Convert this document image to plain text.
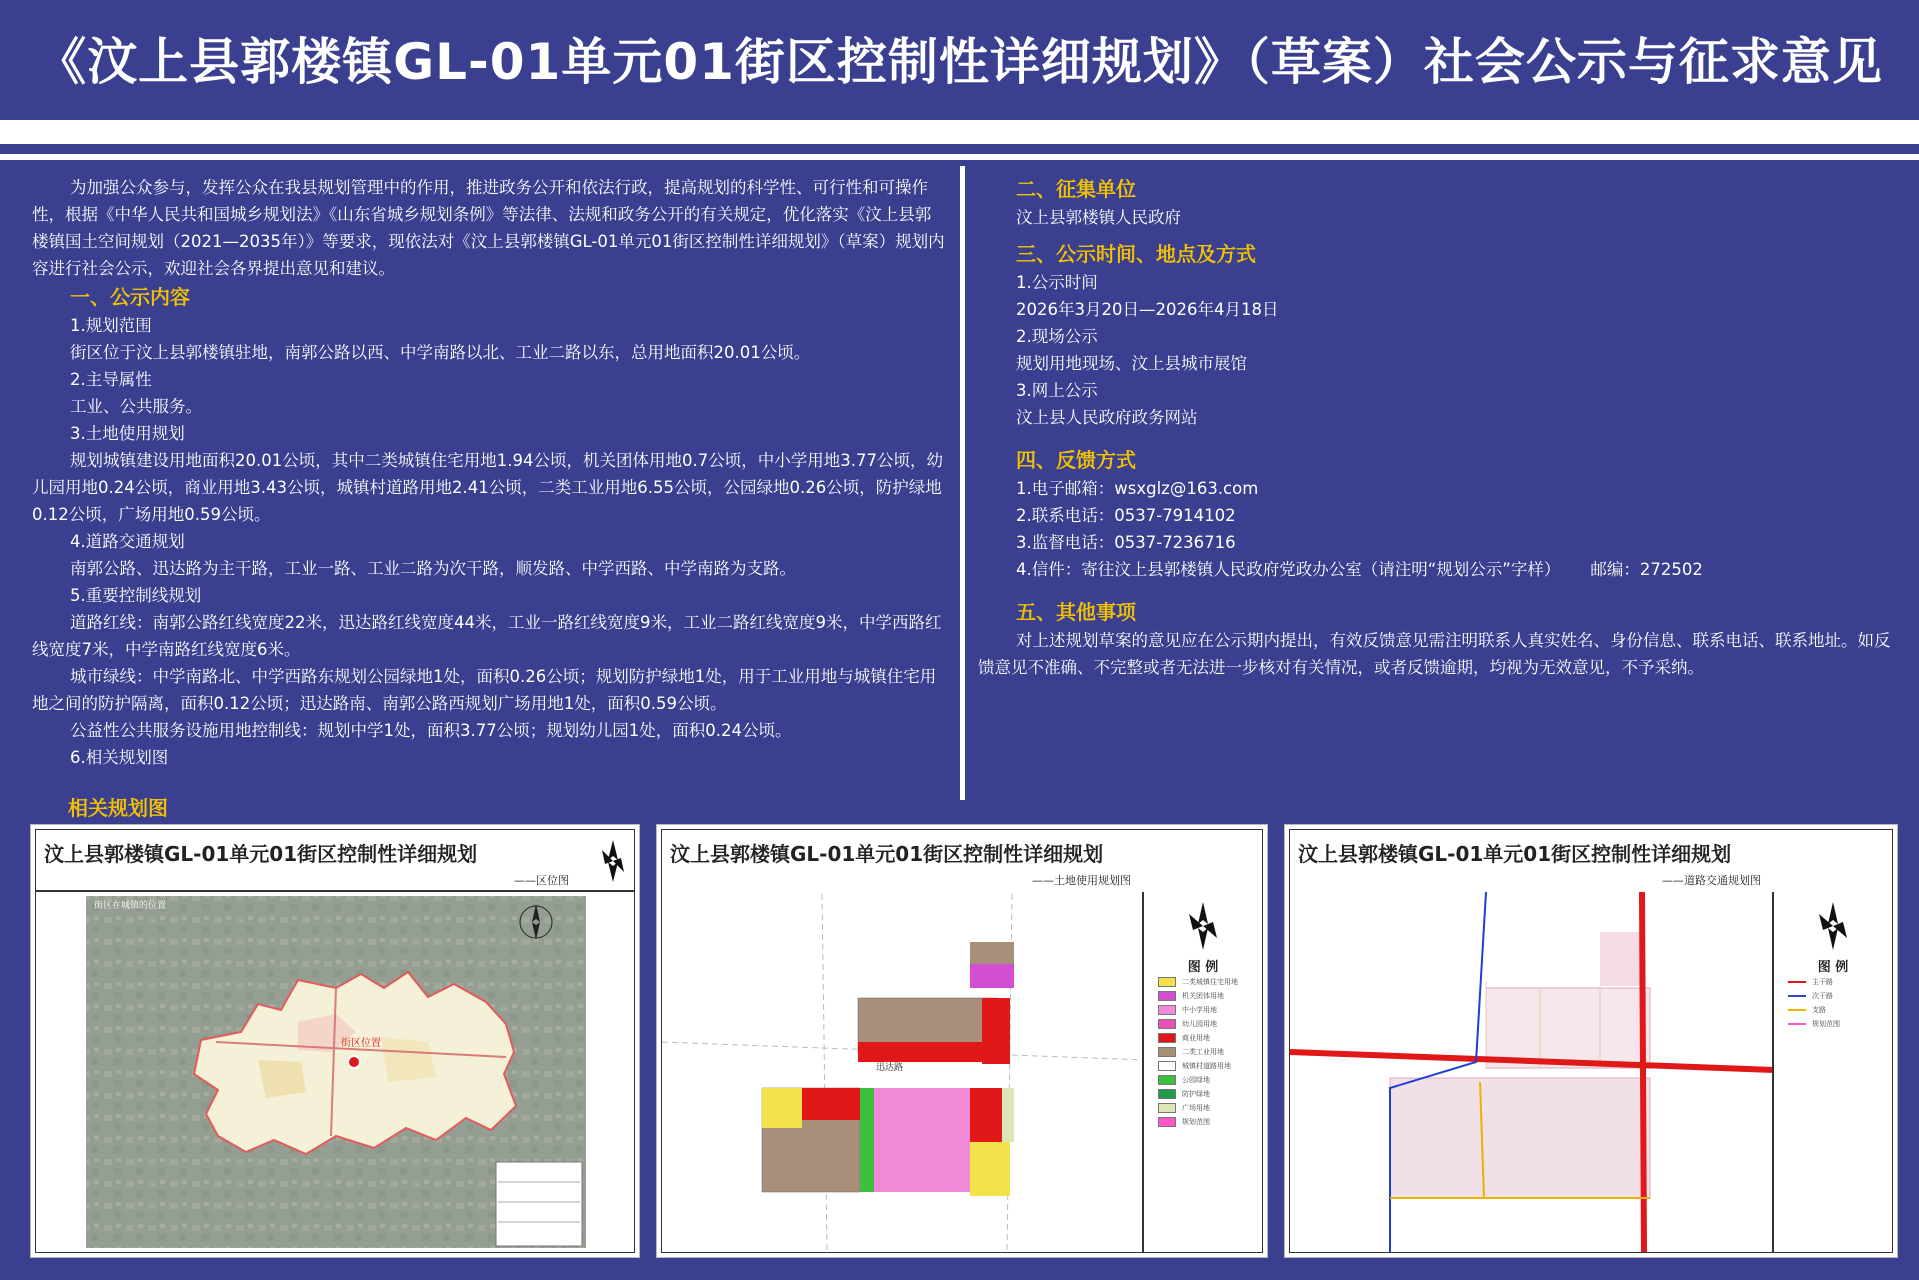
《汶上县郭楼镇GL-01单元01街区控制性详细规划》（草案）社会公示与征求意见

为加强公众参与，发挥公众在我县规划管理中的作用，推进政务公开和依法行政，提高规划的科学性、可行性和可操作性，根据《中华人民共和国城乡规划法》《山东省城乡规划条例》等法律、法规和政务公开的有关规定，优化落实《汶上县郭楼镇国土空间规划（2021—2035年）》等要求，现依法对《汶上县郭楼镇GL-01单元01街区控制性详细规划》（草案）规划内容进行社会公示，欢迎社会各界提出意见和建议。

一、公示内容

1.规划范围

街区位于汶上县郭楼镇驻地，南郭公路以西、中学南路以北、工业二路以东，总用地面积20.01公顷。

2.主导属性

工业、公共服务。

3.土地使用规划

规划城镇建设用地面积20.01公顷，其中二类城镇住宅用地1.94公顷，机关团体用地0.7公顷，中小学用地3.77公顷，幼儿园用地0.24公顷，商业用地3.43公顷，城镇村道路用地2.41公顷，二类工业用地6.55公顷，公园绿地0.26公顷，防护绿地0.12公顷，广场用地0.59公顷。

4.道路交通规划

南郭公路、迅达路为主干路，工业一路、工业二路为次干路，顺发路、中学西路、中学南路为支路。

5.重要控制线规划

道路红线：南郭公路红线宽度22米，迅达路红线宽度44米，工业一路红线宽度9米，工业二路红线宽度9米，中学西路红线宽度7米，中学南路红线宽度6米。

城市绿线：中学南路北、中学西路东规划公园绿地1处，面积0.26公顷；规划防护绿地1处，用于工业用地与城镇住宅用地之间的防护隔离，面积0.12公顷；迅达路南、南郭公路西规划广场用地1处，面积0.59公顷。

公益性公共服务设施用地控制线：规划中学1处，面积3.77公顷；规划幼儿园1处，面积0.24公顷。

6.相关规划图

二、征集单位

汶上县郭楼镇人民政府

三、公示时间、地点及方式

1.公示时间

2026年3月20日—2026年4月18日

2.现场公示

规划用地现场、汶上县城市展馆

3.网上公示

汶上县人民政府政务网站

四、反馈方式

1.电子邮箱：wsxglz@163.com

2.联系电话：0537-7914102

3.监督电话：0537-7236716

4.信件：寄往汶上县郭楼镇人民政府党政办公室（请注明“规划公示”字样） 邮编：272502

五、其他事项

对上述规划草案的意见应在公示期内提出，有效反馈意见需注明联系人真实姓名、身份信息、联系电话、联系地址。如反馈意见不准确、不完整或者无法进一步核对有关情况，或者反馈逾期，均视为无效意见，不予采纳。

相关规划图
汶上县郭楼镇GL-01单元01街区控制性详细规划
——区位图
街区位置
街区在城镇的位置
汶上县郭楼镇GL-01单元01街区控制性详细规划
——土地使用规划图
迅达路
图 例
二类城镇住宅用地
机关团体用地
中小学用地
幼儿园用地
商业用地
二类工业用地
城镇村道路用地
公园绿地
防护绿地
广场用地
规划范围
汶上县郭楼镇GL-01单元01街区控制性详细规划
——道路交通规划图
图 例
主干路
次干路
支路
规划范围
